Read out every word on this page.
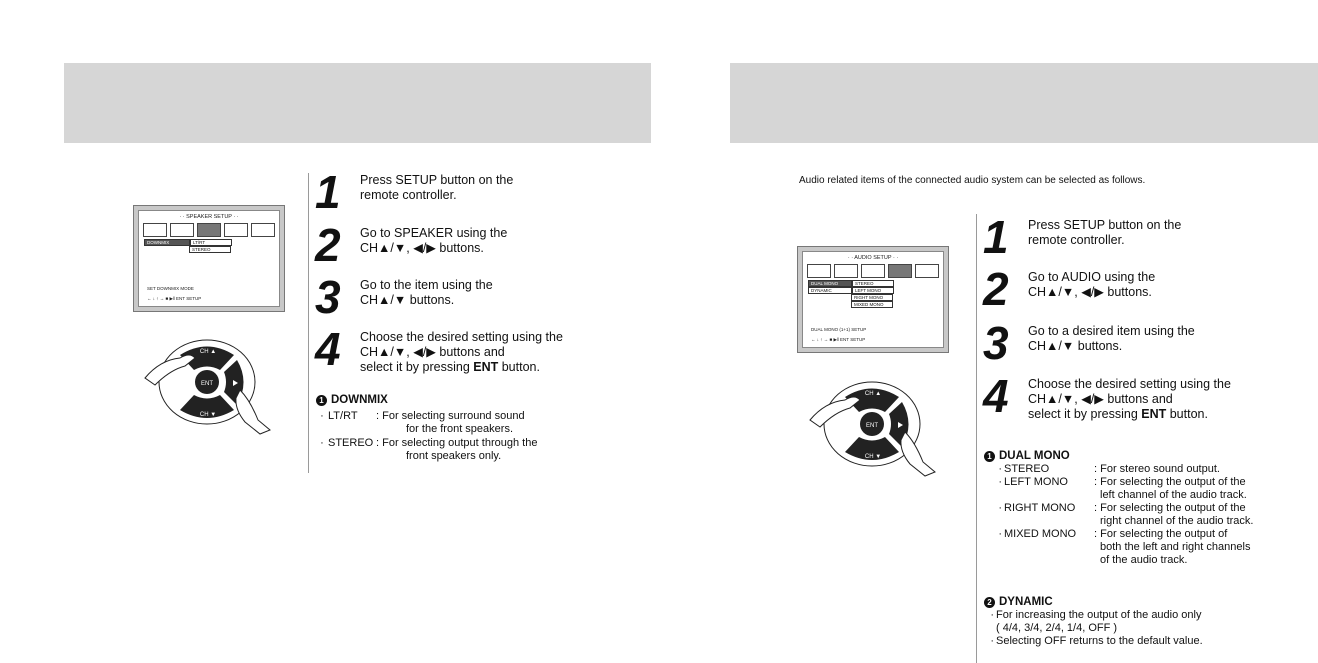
· · SPEAKER SETUP · ·
DOWNMIX	LT/RT
STEREO
SET DOWNMIX MODE
← ↓ ↑ → ■ ▶‖ ENT SETUP
ENT
CH ▲
CH ▼
1 Press SETUP button on the
remote controller.
2 Go to SPEAKER using the
CH▲/▼, ◀/▶ buttons.
3 Go to the item using the
CH▲/▼ buttons.
4 Choose the desired setting using the
CH▲/▼, ◀/▶ buttons and
select it by pressing ENT button.
1 DOWNMIX
· LT/RT	: For selecting surround sound
for the front speakers.
· STEREO : For selecting output through the
front speakers only.
Audio related items of the connected audio system can be selected as follows.
· · AUDIO SETUP · ·
DUAL MONO	STEREO
DYNAMIC	LEFT MONO
RIGHT MONO
MIXED MONO
DUAL MONO (1+1) SETUP
← ↓ ↑ → ■ ▶‖ ENT SETUP
ENT
CH ▲
CH ▼
1 Press SETUP button on the
remote controller.
2 Go to AUDIO using the
CH▲/▼, ◀/▶ buttons.
3 Go to a desired item using the
CH▲/▼ buttons.
4 Choose the desired setting using the
CH▲/▼, ◀/▶ buttons and
select it by pressing ENT button.
1 DUAL MONO
· STEREO	: For stereo sound output.
· LEFT MONO	: For selecting the output of the
left channel of the audio track.
· RIGHT MONO	: For selecting the output of the
right channel of the audio track.
· MIXED MONO	: For selecting the output of
both the left and right channels
of the audio track.
2 DYNAMIC
· For increasing the output of the audio only
( 4/4, 3/4, 2/4, 1/4, OFF )
· Selecting OFF returns to the default value.
